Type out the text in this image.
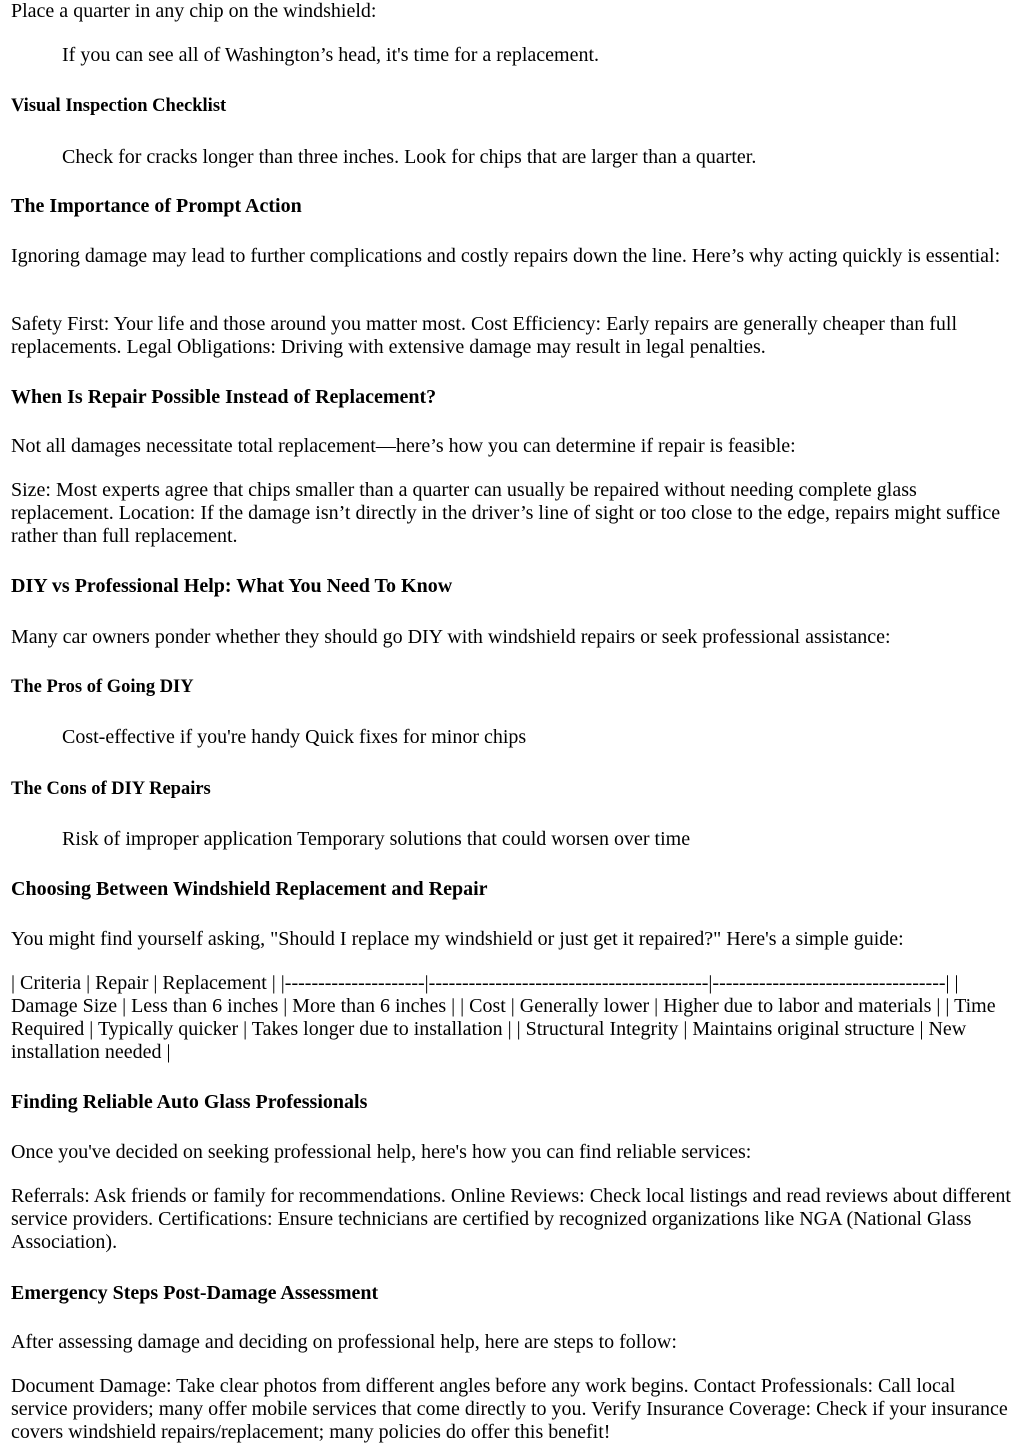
Place a quarter in any chip on the windshield:

If you can see all of Washington’s head, it's time for a replacement.
Visual Inspection Checklist
Check for cracks longer than three inches. Look for chips that are larger than a quarter.
The Importance of Prompt Action

Ignoring damage may lead to further complications and costly repairs down the line. Here’s why acting quickly is essential:

Safety First: Your life and those around you matter most. Cost Efficiency: Early repairs are generally cheaper than full replacements. Legal Obligations: Driving with extensive damage may result in legal penalties.

When Is Repair Possible Instead of Replacement?

Not all damages necessitate total replacement—here’s how you can determine if repair is feasible:

Size: Most experts agree that chips smaller than a quarter can usually be repaired without needing complete glass replacement. Location: If the damage isn’t directly in the driver’s line of sight or too close to the edge, repairs might suffice rather than full replacement.

DIY vs Professional Help: What You Need To Know

Many car owners ponder whether they should go DIY with windshield repairs or seek professional assistance:

The Pros of Going DIY
Cost-effective if you're handy Quick fixes for minor chips
The Cons of DIY Repairs
Risk of improper application Temporary solutions that could worsen over time
Choosing Between Windshield Replacement and Repair

You might find yourself asking, "Should I replace my windshield or just get it repaired?" Here's a simple guide:

| Criteria | Repair | Replacement | |---------------------|------------------------------------------|-----------------------------------| | Damage Size | Less than 6 inches | More than 6 inches | | Cost | Generally lower | Higher due to labor and materials | | Time Required | Typically quicker | Takes longer due to installation | | Structural Integrity | Maintains original structure | New installation needed |

Finding Reliable Auto Glass Professionals

Once you've decided on seeking professional help, here's how you can find reliable services:

Referrals: Ask friends or family for recommendations. Online Reviews: Check local listings and read reviews about different service providers. Certifications: Ensure technicians are certified by recognized organizations like NGA (National Glass Association).

Emergency Steps Post-Damage Assessment

After assessing damage and deciding on professional help, here are steps to follow:

Document Damage: Take clear photos from different angles before any work begins. Contact Professionals: Call local service providers; many offer mobile services that come directly to you. Verify Insurance Coverage: Check if your insurance covers windshield repairs/replacement; many policies do offer this benefit!
